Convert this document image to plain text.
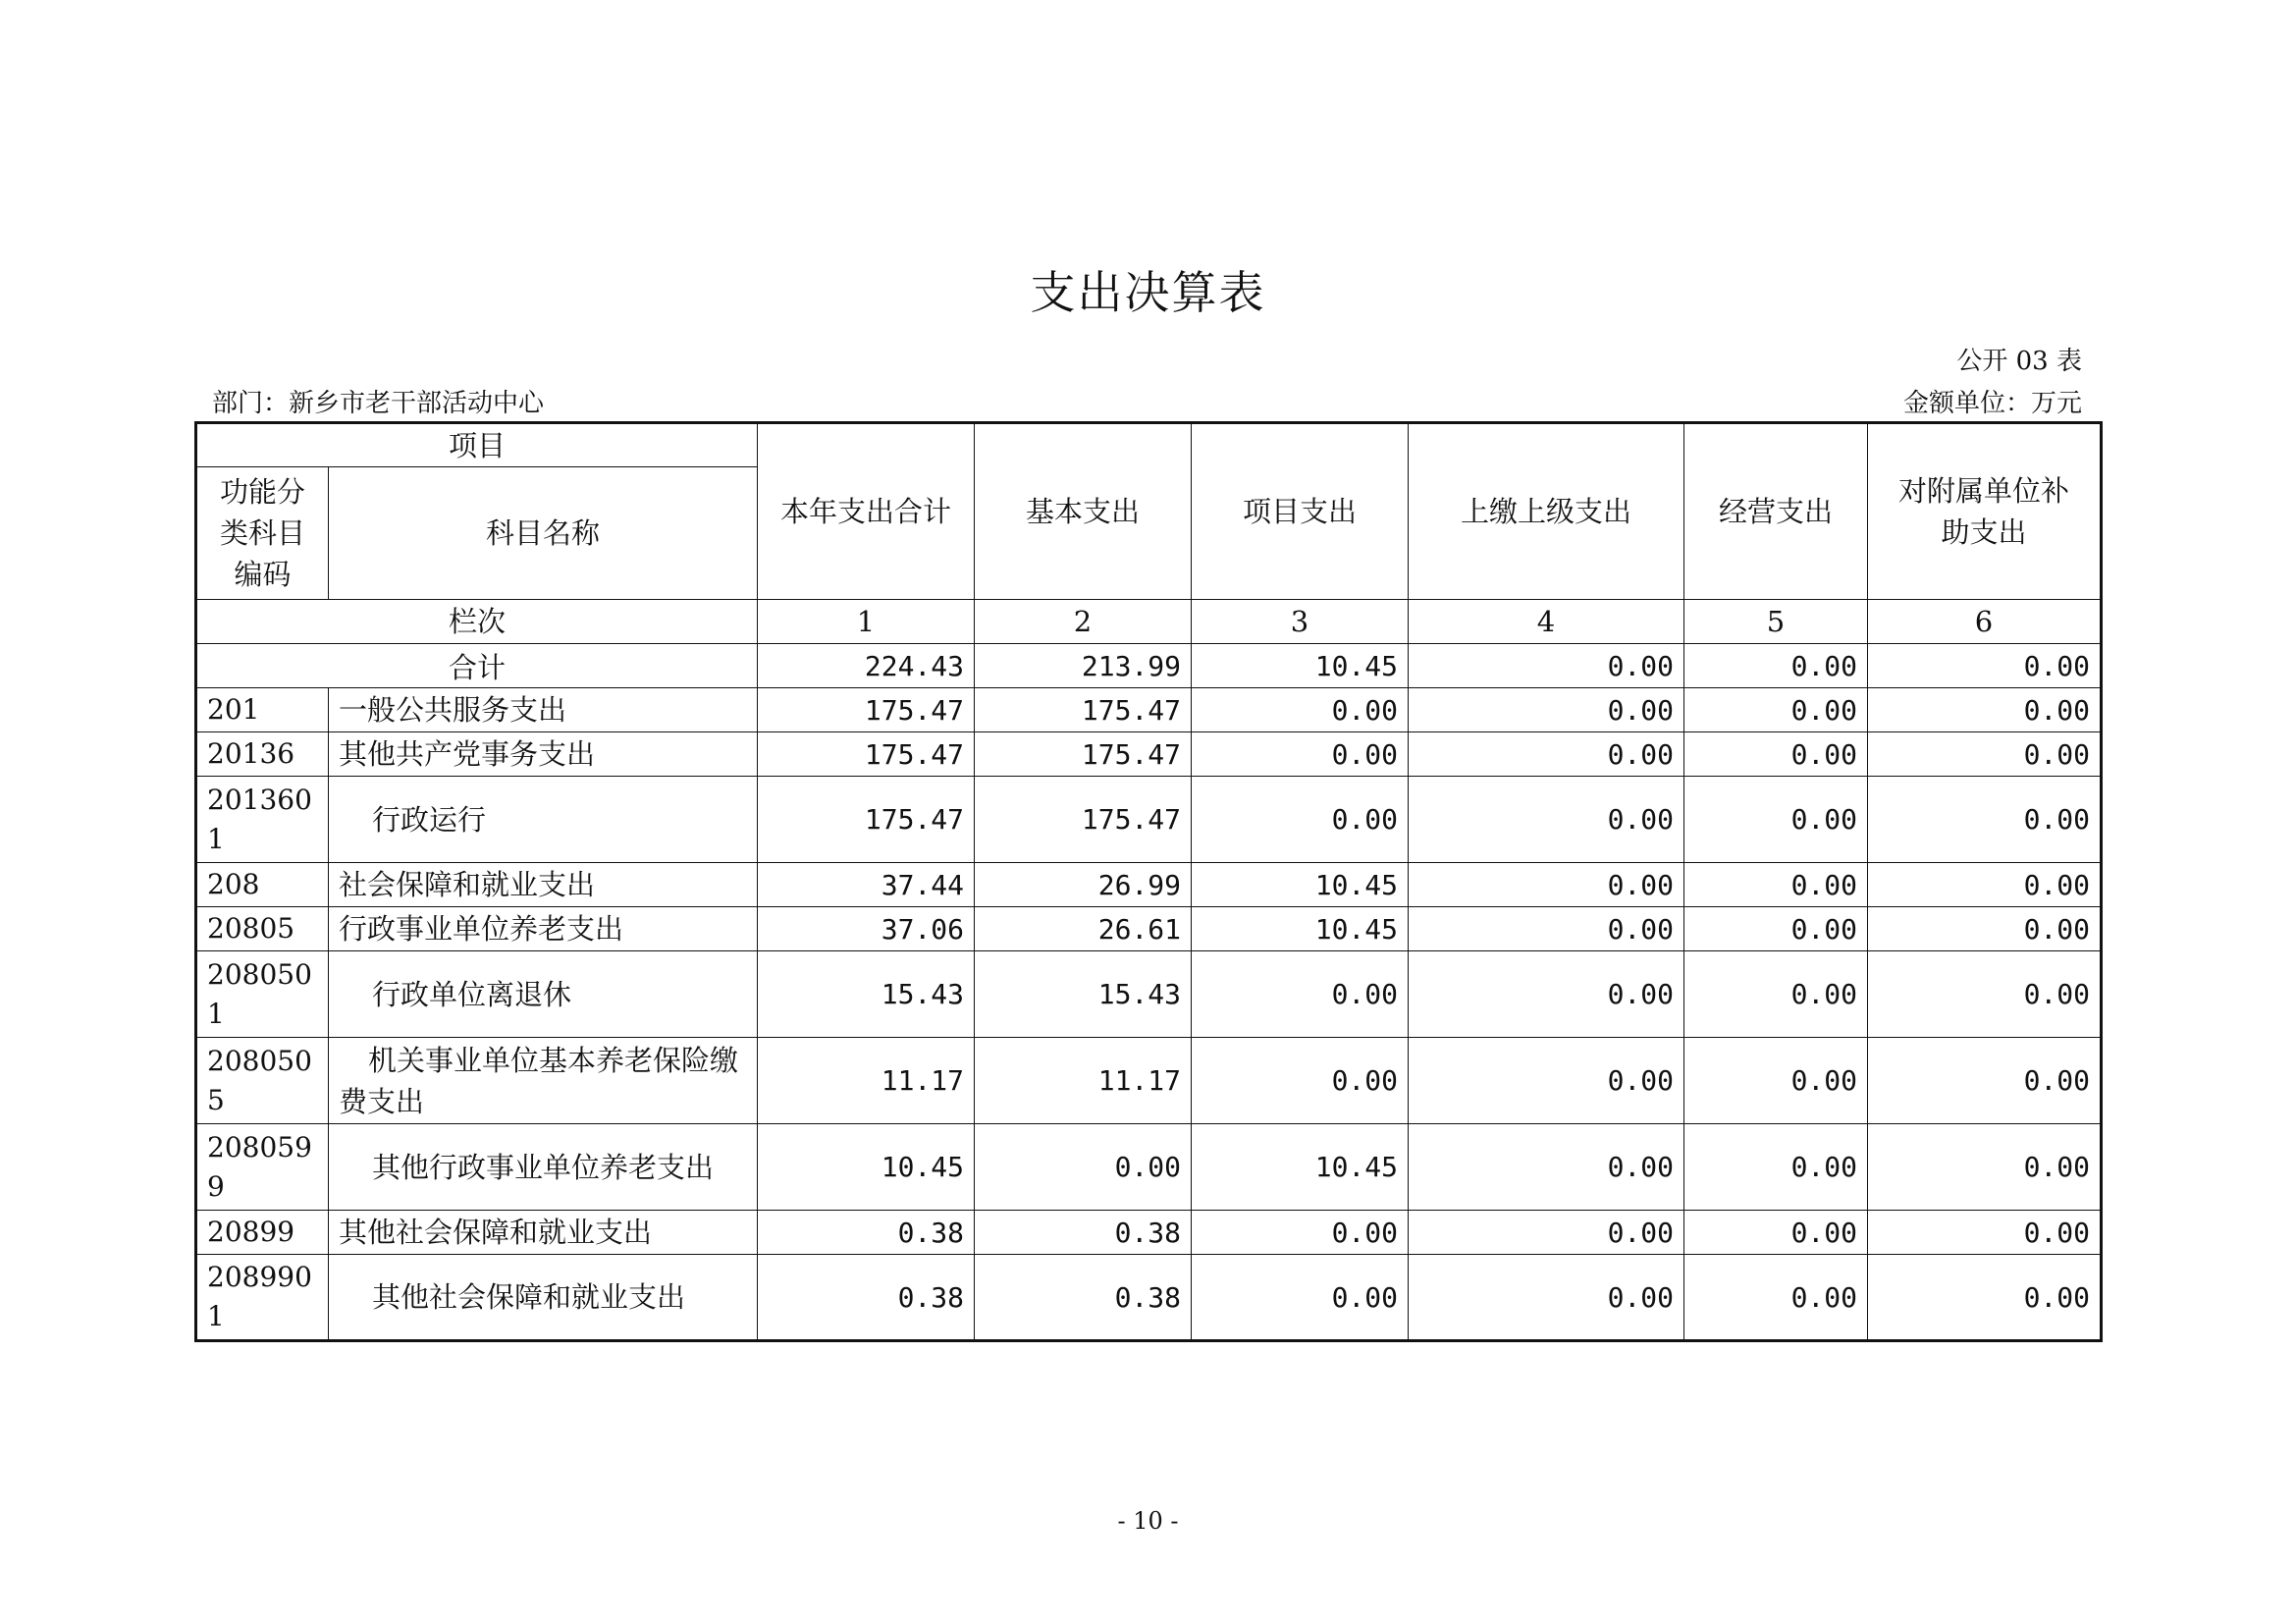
支出决算表
公开 03 表
部门：新乡市老干部活动中心	金额单位：万元
项目		本年支出合计	基本支出	项目支出	上缴上级支出	经营支出	对附属单位补助支出
功能分类科目编码	科目名称						
栏次		1	2	3	4	5	6
合计		224.43	213.99	10.45	0.00	0.00	0.00
201	一般公共服务支出	175.47	175.47	0.00	0.00	0.00	0.00
20136	其他共产党事务支出	175.47	175.47	0.00	0.00	0.00	0.00
2013601	行政运行	175.47	175.47	0.00	0.00	0.00	0.00
208	社会保障和就业支出	37.44	26.99	10.45	0.00	0.00	0.00
20805	行政事业单位养老支出	37.06	26.61	10.45	0.00	0.00	0.00
2080501	行政单位离退休	15.43	15.43	0.00	0.00	0.00	0.00
2080505	机关事业单位基本养老保险缴费支出	11.17	11.17	0.00	0.00	0.00	0.00
2080599	其他行政事业单位养老支出	10.45	0.00	10.45	0.00	0.00	0.00
20899	其他社会保障和就业支出	0.38	0.38	0.00	0.00	0.00	0.00
2089901	其他社会保障和就业支出	0.38	0.38	0.00	0.00	0.00	0.00
- 10 -
